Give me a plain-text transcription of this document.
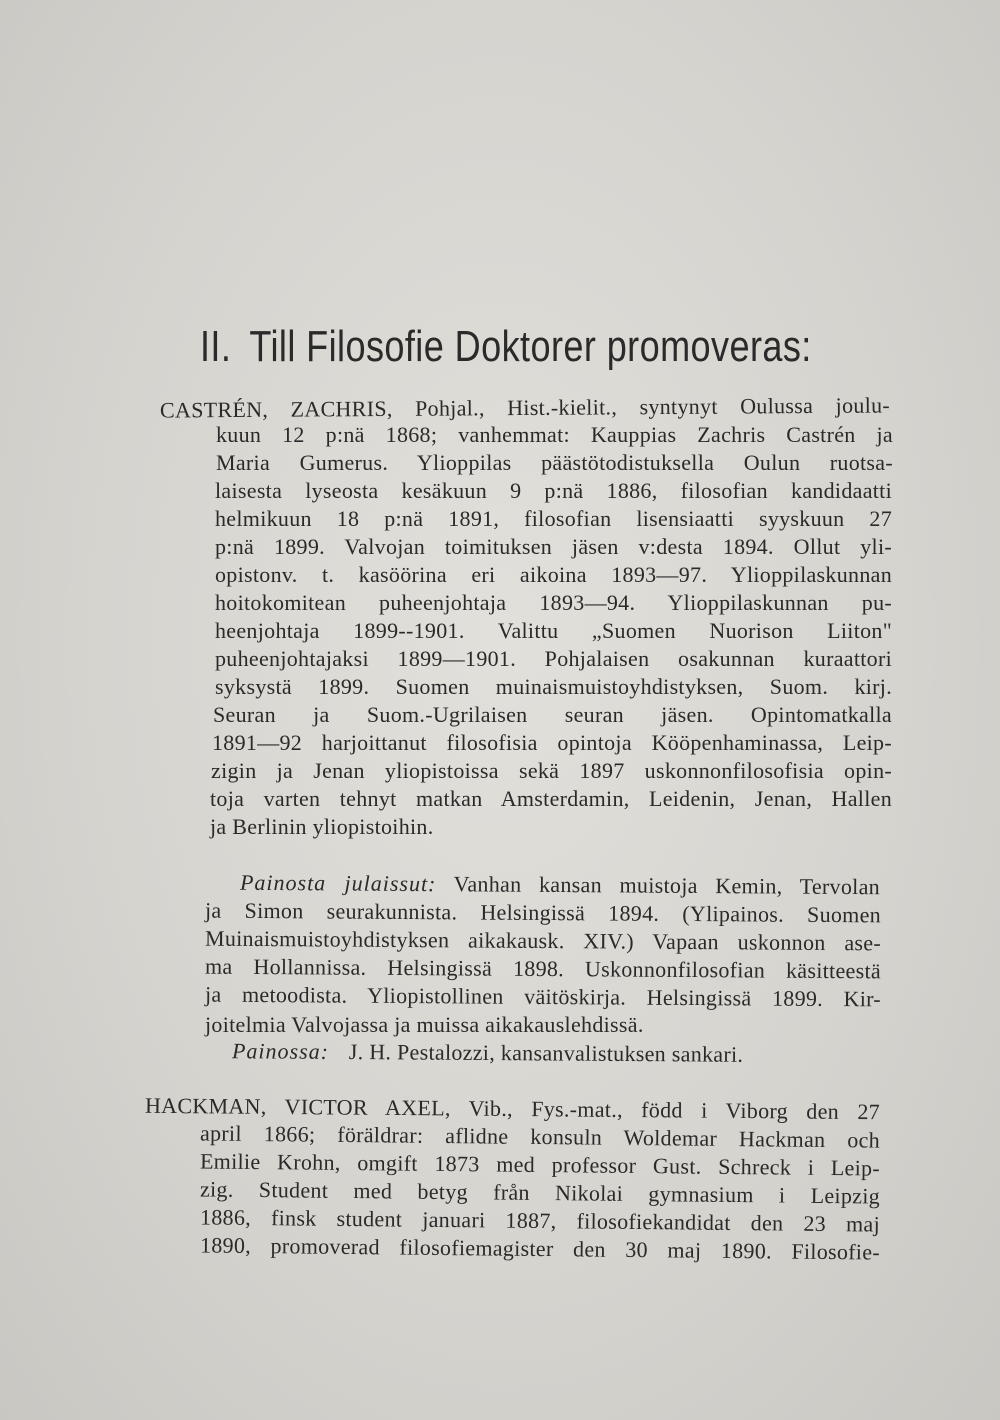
II. Till Filosofie Doktorer promoveras:
CASTRÉN, ZACHRIS, Pohjal., Hist.-kielit., syntynyt Oulussa joulu-
kuun 12 p:nä 1868; vanhemmat: Kauppias Zachris Castrén ja
Maria Gumerus. Ylioppilas päästötodistuksella Oulun ruotsa-
laisesta lyseosta kesäkuun 9 p:nä 1886, filosofian kandidaatti
helmikuun 18 p:nä 1891, filosofian lisensiaatti syyskuun 27
p:nä 1899. Valvojan toimituksen jäsen v:desta 1894. Ollut yli-
opistonv. t. kasöörina eri aikoina 1893—97. Ylioppilaskunnan
hoitokomitean puheenjohtaja 1893—94. Ylioppilaskunnan pu-
heenjohtaja 1899--1901. Valittu „Suomen Nuorison Liiton"
puheenjohtajaksi 1899—1901. Pohjalaisen osakunnan kuraattori
syksystä 1899. Suomen muinaismuistoyhdistyksen, Suom. kirj.
Seuran ja Suom.-Ugrilaisen seuran jäsen. Opintomatkalla
1891—92 harjoittanut filosofisia opintoja Kööpenhaminassa, Leip-
zigin ja Jenan yliopistoissa sekä 1897 uskonnonfilosofisia opin-
toja varten tehnyt matkan Amsterdamin, Leidenin, Jenan, Hallen
ja Berlinin yliopistoihin.
Painosta julaissut: Vanhan kansan muistoja Kemin, Tervolan
ja Simon seurakunnista. Helsingissä 1894. (Ylipainos. Suomen
Muinaismuistoyhdistyksen aikakausk. XIV.) Vapaan uskonnon ase-
ma Hollannissa. Helsingissä 1898. Uskonnonfilosofian käsitteestä
ja metoodista. Yliopistollinen väitöskirja. Helsingissä 1899. Kir-
joitelmia Valvojassa ja muissa aikakauslehdissä.
Painossa: J. H. Pestalozzi, kansanvalistuksen sankari.
HACKMAN, VICTOR AXEL, Vib., Fys.-mat., född i Viborg den 27
april 1866; föräldrar: aflidne konsuln Woldemar Hackman och
Emilie Krohn, omgift 1873 med professor Gust. Schreck i Leip-
zig. Student med betyg från Nikolai gymnasium i Leipzig
1886, finsk student januari 1887, filosofiekandidat den 23 maj
1890, promoverad filosofiemagister den 30 maj 1890. Filosofie-
